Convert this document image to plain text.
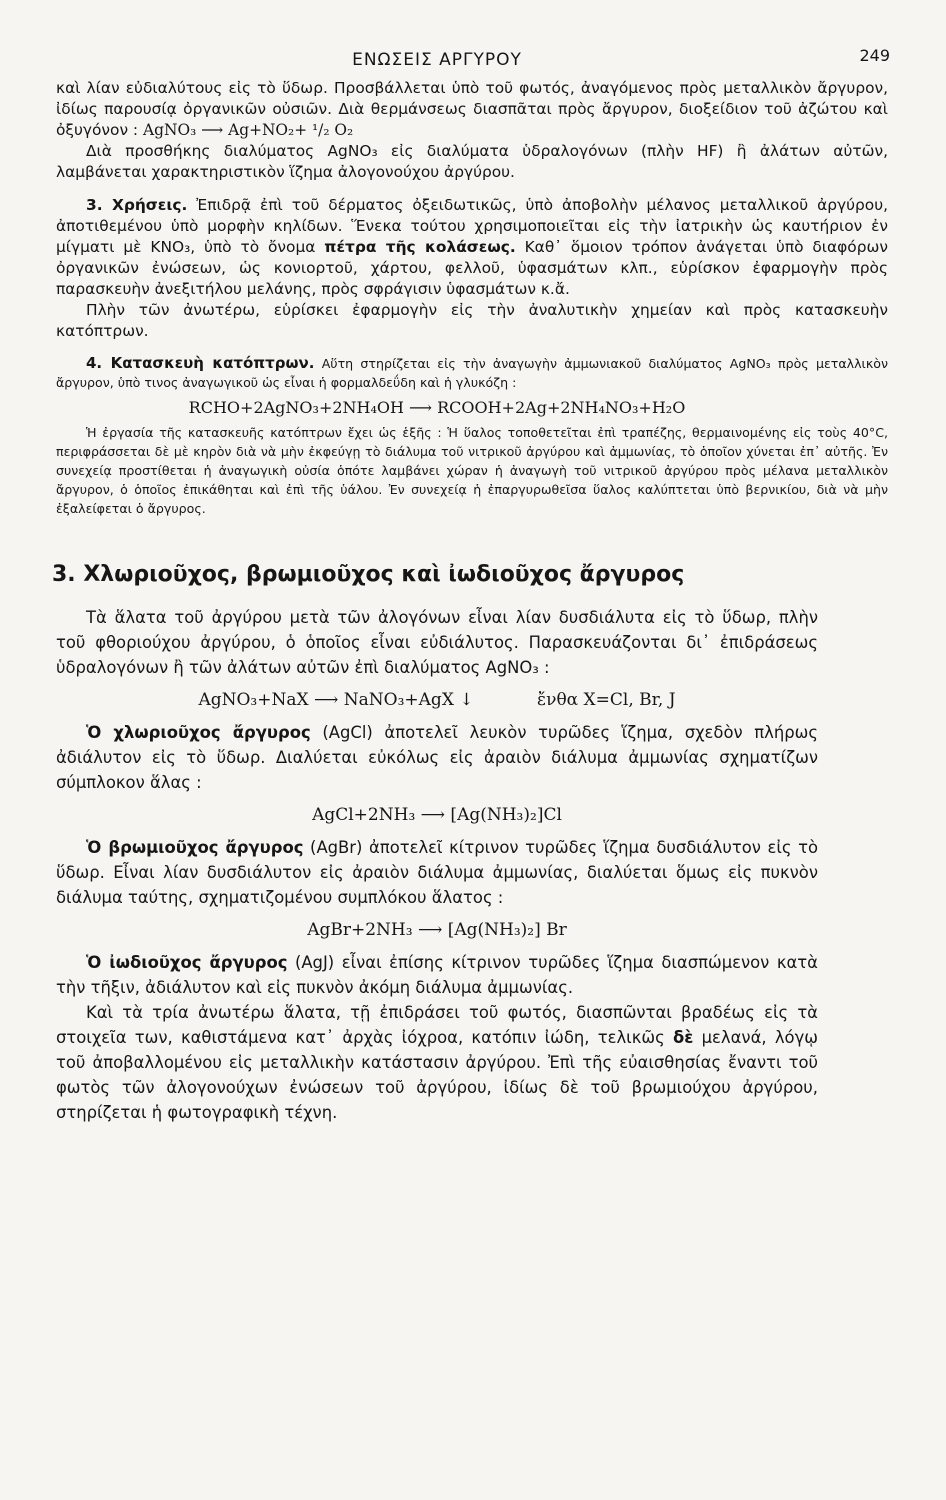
ΕΝΩΣΕΙΣ ΑΡΓΥΡΟΥ	249

καὶ λίαν εὐδιαλύτους εἰς τὸ ὕδωρ. Προσβάλλεται ὑπὸ τοῦ φωτός, ἀναγόμενος πρὸς μεταλλικὸν ἄργυρον, ἰδίως παρουσίᾳ ὀργανικῶν οὐσιῶν. Διὰ θερμάνσεως διασπᾶται πρὸς ἄργυρον, διοξείδιον τοῦ ἀζώτου καὶ ὀξυγόνον : AgNO₃ ⟶ Ag+NO₂+ ¹/₂ O₂

Διὰ προσθήκης διαλύματος AgNO₃ εἰς διαλύματα ὑδραλογόνων (πλὴν HF) ἢ ἀλάτων αὐτῶν, λαμβάνεται χαρακτηριστικὸν ἵζημα ἀλογονούχου ἀργύρου.

3. Χρήσεις. Ἐπιδρᾷ ἐπὶ τοῦ δέρματος ὀξειδωτικῶς, ὑπὸ ἀποβολὴν μέλανος μεταλλικοῦ ἀργύρου, ἀποτιθεμένου ὑπὸ μορφὴν κηλίδων. Ἕνεκα τούτου χρησιμοποιεῖται εἰς τὴν ἰατρικὴν ὡς καυτήριον ἐν μίγματι μὲ KNO₃, ὑπὸ τὸ ὄνομα πέτρα τῆς κολάσεως. Καθ᾽ ὅμοιον τρόπον ἀνάγεται ὑπὸ διαφόρων ὀργανικῶν ἐνώσεων, ὡς κονιορτοῦ, χάρτου, φελλοῦ, ὑφασμάτων κλπ., εὑρίσκον ἐφαρμογὴν πρὸς παρασκευὴν ἀνεξιτήλου μελάνης, πρὸς σφράγισιν ὑφασμάτων κ.ἄ.

Πλὴν τῶν ἀνωτέρω, εὑρίσκει ἐφαρμογὴν εἰς τὴν ἀναλυτικὴν χημείαν καὶ πρὸς κατασκευὴν κατόπτρων.

4. Κατασκευὴ κατόπτρων. Αὕτη στηρίζεται εἰς τὴν ἀναγωγὴν ἀμμωνιακοῦ διαλύματος AgNO₃ πρὸς μεταλλικὸν ἄργυρον, ὑπὸ τινος ἀναγωγικοῦ ὡς εἶναι ἡ φορμαλδεΰδη καὶ ἡ γλυκόζη :

RCHO+2AgNO₃+2NH₄OH ⟶ RCOOH+2Ag+2NH₄NO₃+H₂O

Ἡ ἐργασία τῆς κατασκευῆς κατόπτρων ἔχει ὡς ἑξῆς : Ἡ ὕαλος τοποθετεῖται ἐπὶ τραπέζης, θερμαινομένης εἰς τοὺς 40°C, περιφράσσεται δὲ μὲ κηρὸν διὰ νὰ μὴν ἐκφεύγῃ τὸ διάλυμα τοῦ νιτρικοῦ ἀργύρου καὶ ἀμμωνίας, τὸ ὁποῖον χύνεται ἐπ᾽ αὐτῆς. Ἐν συνεχείᾳ προστίθεται ἡ ἀναγωγικὴ οὐσία ὁπότε λαμβάνει χώραν ἡ ἀναγωγὴ τοῦ νιτρικοῦ ἀργύρου πρὸς μέλανα μεταλλικὸν ἄργυρον, ὁ ὁποῖος ἐπικάθηται καὶ ἐπὶ τῆς ὑάλου. Ἐν συνεχείᾳ ἡ ἐπαργυρωθεῖσα ὕαλος καλύπτεται ὑπὸ βερνικίου, διὰ νὰ μὴν ἐξαλείφεται ὁ ἄργυρος.

3. Χλωριοῦχος, βρωμιοῦχος καὶ ἰωδιοῦχος ἄργυρος

Τὰ ἅλατα τοῦ ἀργύρου μετὰ τῶν ἀλογόνων εἶναι λίαν δυσδιάλυτα εἰς τὸ ὕδωρ, πλὴν τοῦ φθοριούχου ἀργύρου, ὁ ὁποῖος εἶναι εὐδιάλυτος. Παρασκευάζονται δι᾽ ἐπιδράσεως ὑδραλογόνων ἢ τῶν ἀλάτων αὐτῶν ἐπὶ διαλύματος AgNO₃ :

AgNO₃+NaX ⟶ NaNO₃+AgX ↓	ἔνθα X=Cl, Br, J

Ὁ χλωριοῦχος ἄργυρος (AgCl) ἀποτελεῖ λευκὸν τυρῶδες ἵζημα, σχεδὸν πλήρως ἀδιάλυτον εἰς τὸ ὕδωρ. Διαλύεται εὐκόλως εἰς ἀραιὸν διάλυμα ἀμμωνίας σχηματίζων σύμπλοκον ἅλας :

AgCl+2NH₃ ⟶ [Ag(NH₃)₂]Cl

Ὁ βρωμιοῦχος ἄργυρος (AgBr) ἀποτελεῖ κίτρινον τυρῶδες ἵζημα δυσδιάλυτον εἰς τὸ ὕδωρ. Εἶναι λίαν δυσδιάλυτον εἰς ἀραιὸν διάλυμα ἀμμωνίας, διαλύεται ὅμως εἰς πυκνὸν διάλυμα ταύτης, σχηματιζομένου συμπλόκου ἅλατος :

AgBr+2NH₃ ⟶ [Ag(NH₃)₂] Br

Ὁ ἰωδιοῦχος ἄργυρος (AgJ) εἶναι ἐπίσης κίτρινον τυρῶδες ἵζημα διασπώμενον κατὰ τὴν τῆξιν, ἀδιάλυτον καὶ εἰς πυκνὸν ἀκόμη διάλυμα ἀμμωνίας.

Καὶ τὰ τρία ἀνωτέρω ἅλατα, τῇ ἐπιδράσει τοῦ φωτός, διασπῶνται βραδέως εἰς τὰ στοιχεῖα των, καθιστάμενα κατ᾽ ἀρχὰς ἰόχροα, κατόπιν ἰώδη, τελικῶς δὲ μελανά, λόγῳ τοῦ ἀποβαλλομένου εἰς μεταλλικὴν κατάστασιν ἀργύρου. Ἐπὶ τῆς εὐαισθησίας ἔναντι τοῦ φωτὸς τῶν ἀλογονούχων ἐνώσεων τοῦ ἀργύρου, ἰδίως δὲ τοῦ βρωμιούχου ἀργύρου, στηρίζεται ἡ φωτογραφικὴ τέχνη.
